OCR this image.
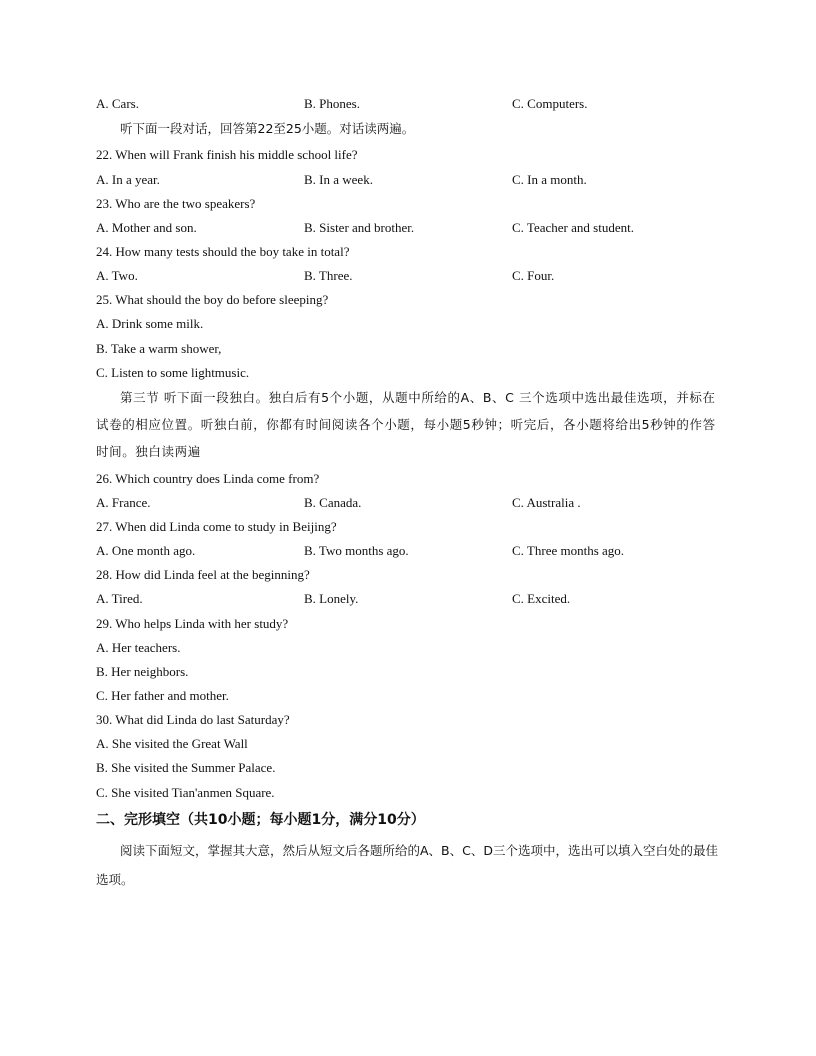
A. Cars.	B. Phones.	C. Computers.
听下面一段对话，回答第22至25小题。对话读两遍。
22. When will Frank finish his middle school life?
A. In a year.	B. In a week.	C. In a month.
23. Who are the two speakers?
A. Mother and son.	B. Sister and brother.	C. Teacher and student.
24. How many tests should the boy take in total?
A. Two.	B. Three.	C. Four.
25. What should the boy do before sleeping?
A. Drink some milk.
B. Take a warm shower,
C. Listen to some lightmusic.
第三节 听下面一段独白。独白后有5个小题，从题中所给的A、B、C 三个选项中选出最佳选项，并标在试卷的相应位置。听独白前，你都有时间阅读各个小题，每小题5秒钟；听完后，各小题将给出5秒钟的作答时间。独白读两遍
26. Which country does Linda come from?
A. France.	B. Canada.	C. Australia .
27. When did Linda come to study in Beijing?
A. One month ago.	B. Two months ago.	C. Three months ago.
28. How did Linda feel at the beginning?
A. Tired.	B. Lonely.	C. Excited.
29. Who helps Linda with her study?
A. Her teachers.
B. Her neighbors.
C. Her father and mother.
30. What did Linda do last Saturday?
A. She visited the Great Wall
B. She visited the Summer Palace.
C. She visited Tian'anmen Square.
二、完形填空（共10小题；每小题1分，满分10分）
阅读下面短文，掌握其大意，然后从短文后各题所给的A、B、C、D三个选项中，选出可以填入空白处的最佳选项。
